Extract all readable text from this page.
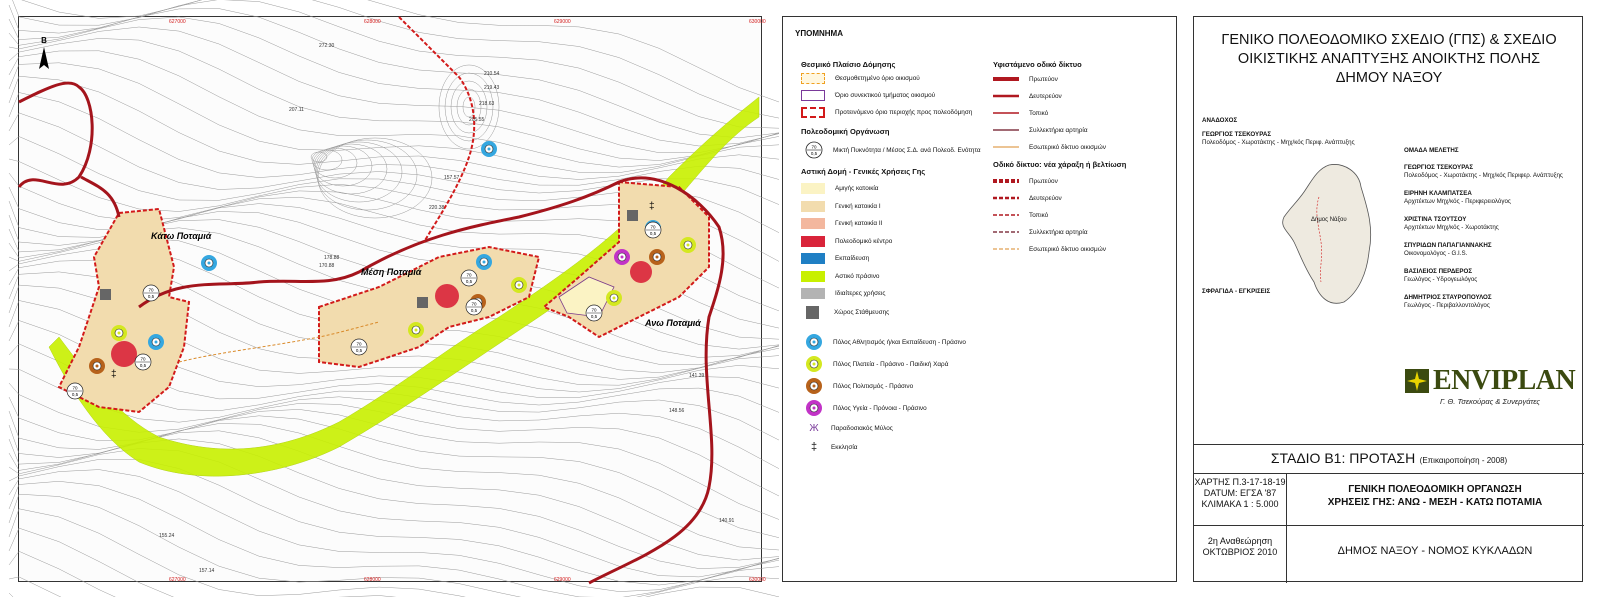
70
0,5
70
0,5
70
0,5
70
0,5
70
0,5
70
0,5
70
0,5
70
0,5
Β
Κάτω Ποταμιά
Μέση Ποταμιά
Ανω Ποταμιά
‡
‡
627000
627000
628000
628000
629000
629000
630000
630000
272.30
210.54
219.43
218.63
207.11
205.55
220.38
157.57
178.88
170.88
141.39
148.56
155.24
157.14
140.91
ΥΠΟΜΝΗΜΑ
Θεσμικό Πλαίσιο Δόμησης
Θεσμοθετημένο όριο οικισμού
Όριο συνεκτικού τμήματος οικισμού
Προτεινόμενο όριο περιοχής προς πολεοδόμηση
Πολεοδομική Οργάνωση
70
0,5 Μικτή Πυκνότητα / Μέσος Σ.Δ. ανά Πολεοδ. Ενότητα
Αστική Δομή - Γενικές Χρήσεις Γης
Ж	Παραδοσιακός Μύλος
‡	Εκκλησία
Υφιστάμενο οδικό δίκτυο
Οδικό δίκτυο: νέα χάραξη ή βελτίωση
Αμιγής κατοικία
Γενική κατοικία I
Γενική κατοικία II
Πολεοδομικό κέντρο
Εκπαίδευση
Αστικό πράσινο
Ιδιαίτερες χρήσεις
Χώρος Στάθμευσης
Πόλος Αθλητισμός ή/και Εκπαίδευση - Πράσινο
Πόλος Πλατεία - Πράσινο - Παιδική Χαρά
Πόλος Πολιτισμός - Πράσινο
Πόλος Υγεία - Πρόνοια - Πράσινο
Πρωτεύον
Δευτερεύον
Τοπικό
Συλλεκτήρια αρτηρία
Εσωτερικό δίκτυο οικισμών
Πρωτεύον
Δευτερεύον
Τοπικό
Συλλεκτήρια αρτηρία
Εσωτερικό δίκτυο οικισμών
ΓΕΝΙΚΟ ΠΟΛΕΟΔΟΜΙΚΟ ΣΧΕΔΙΟ (ΓΠΣ) & ΣΧΕΔΙΟ ΟΙΚΙΣΤΙΚΗΣ ΑΝΑΠΤΥΞΗΣ ΑΝΟΙΚΤΗΣ ΠΟΛΗΣ ΔΗΜΟΥ ΝΑΞΟΥ
ΑΝΑΔΟΧΟΣ
ΓΕΩΡΓΙΟΣ ΤΣΕΚΟΥΡΑΣ
Πολεοδόμος - Χωροτάκτης - Μηχ/κός Περιφ. Ανάπτυξης
Δήμος Νάξου
ΣΦΡΑΓΙΔΑ - ΕΓΚΡΙΣΕΙΣ
ΟΜΑΔΑ ΜΕΛΕΤΗΣ
ENVIPLAN
Γ. Θ. Τσεκούρας & Συνεργάτες
ΣΤΑΔΙΟ Β1: ΠΡΟΤΑΣΗ (Επικαιροποίηση - 2008)
ΧΑΡΤΗΣ Π.3-17-18-19
DATUM: ΕΓΣΑ '87
ΚΛΙΜΑΚΑ 1 : 5.000
ΓΕΝΙΚΗ ΠΟΛΕΟΔΟΜΙΚΗ ΟΡΓΑΝΩΣΗ
ΧΡΗΣΕΙΣ ΓΗΣ: ΑΝΩ - ΜΕΣΗ - ΚΑΤΩ ΠΟΤΑΜΙΑ
2η Αναθεώρηση
ΟΚΤΩΒΡΙΟΣ 2010	ΔΗΜΟΣ ΝΑΞΟΥ - ΝΟΜΟΣ ΚΥΚΛΑΔΩΝ
ΓΕΩΡΓΙΟΣ ΤΣΕΚΟΥΡΑΣ
Πολεοδόμος - Χωροτάκτης - Μηχ/κός Περιφερ. Ανάπτυξης
ΕΙΡΗΝΗ ΚΛΑΜΠΑΤΣΕΑ
Αρχιτέκτων Μηχ/κός - Περιφερειολόγος
ΧΡΙΣΤΙΝΑ ΤΣΟΥΤΣΟΥ
Αρχιτέκτων Μηχ/κός - Χωροτάκτης
ΣΠΥΡΙΔΩΝ ΠΑΠΑΓΙΑΝΝΑΚΗΣ
Οικονομολόγος - G.I.S.
ΒΑΣΙΛΕΙΟΣ ΠΕΡΔΕΡΟΣ
Γεωλόγος - Υδρογεωλόγος
ΔΗΜΗΤΡΙΟΣ ΣΤΑΥΡΟΠΟΥΛΟΣ
Γεωλόγος - Περιβαλλοντολόγος
